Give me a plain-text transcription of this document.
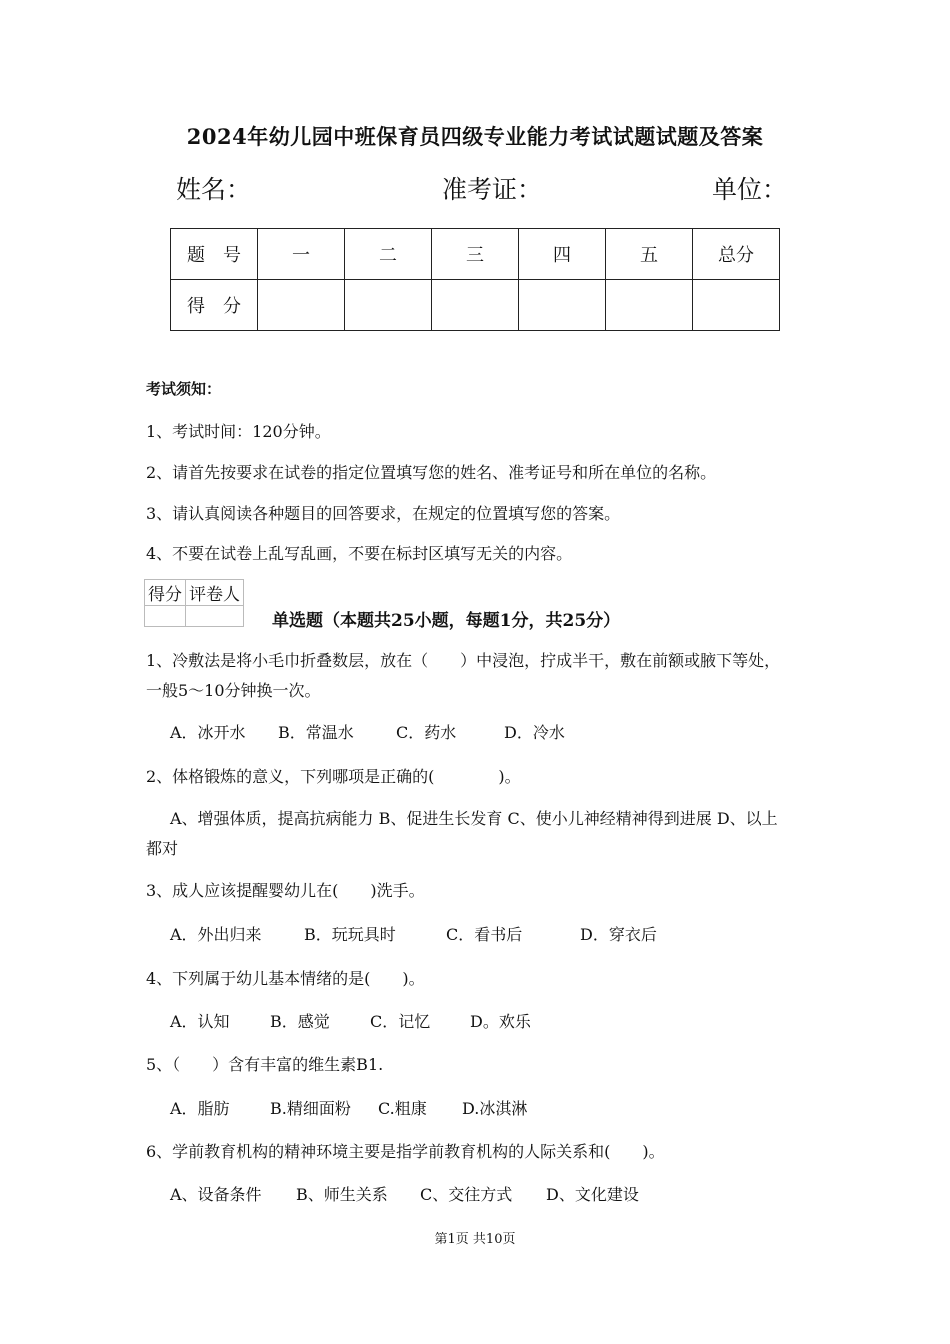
2024年幼儿园中班保育员四级专业能力考试试题试题及答案
姓名：	准考证：	单位：
题　号	一	二	三	四	五	总分
得　分						
考试须知：
1、考试时间：120分钟。
2、请首先按要求在试卷的指定位置填写您的姓名、准考证号和所在单位的名称。
3、请认真阅读各种题目的回答要求，在规定的位置填写您的答案。
4、不要在试卷上乱写乱画，不要在标封区填写无关的内容。
得分	评卷人

单选题（本题共25小题，每题1分，共25分）
1、冷敷法是将小毛巾折叠数层，放在（　　）中浸泡，拧成半干，敷在前额或腋下等处，
一般5～10分钟换一次。
A．冰开水 B．常温水	C．药水	D．冷水
2、体格锻炼的意义，下列哪项是正确的(　　　　)。
A、增强体质，提高抗病能力 B、促进生长发育 C、使小儿神经精神得到进展 D、以上
都对
3、成人应该提醒婴幼儿在(　　)洗手。
A．外出归来	B．玩玩具时	C．看书后	D．穿衣后
4、下列属于幼儿基本情绪的是(　　)。
A．认知	B．感觉	C．记忆 D。欢乐
5、（　　）含有丰富的维生素B1.
A．脂肪	B.精细面粉 C.粗康 D.冰淇淋
6、学前教育机构的精神环境主要是指学前教育机构的人际关系和(　　)。
A、设备条件 B、师生关系 C、交往方式 D、文化建设
第1页 共10页
